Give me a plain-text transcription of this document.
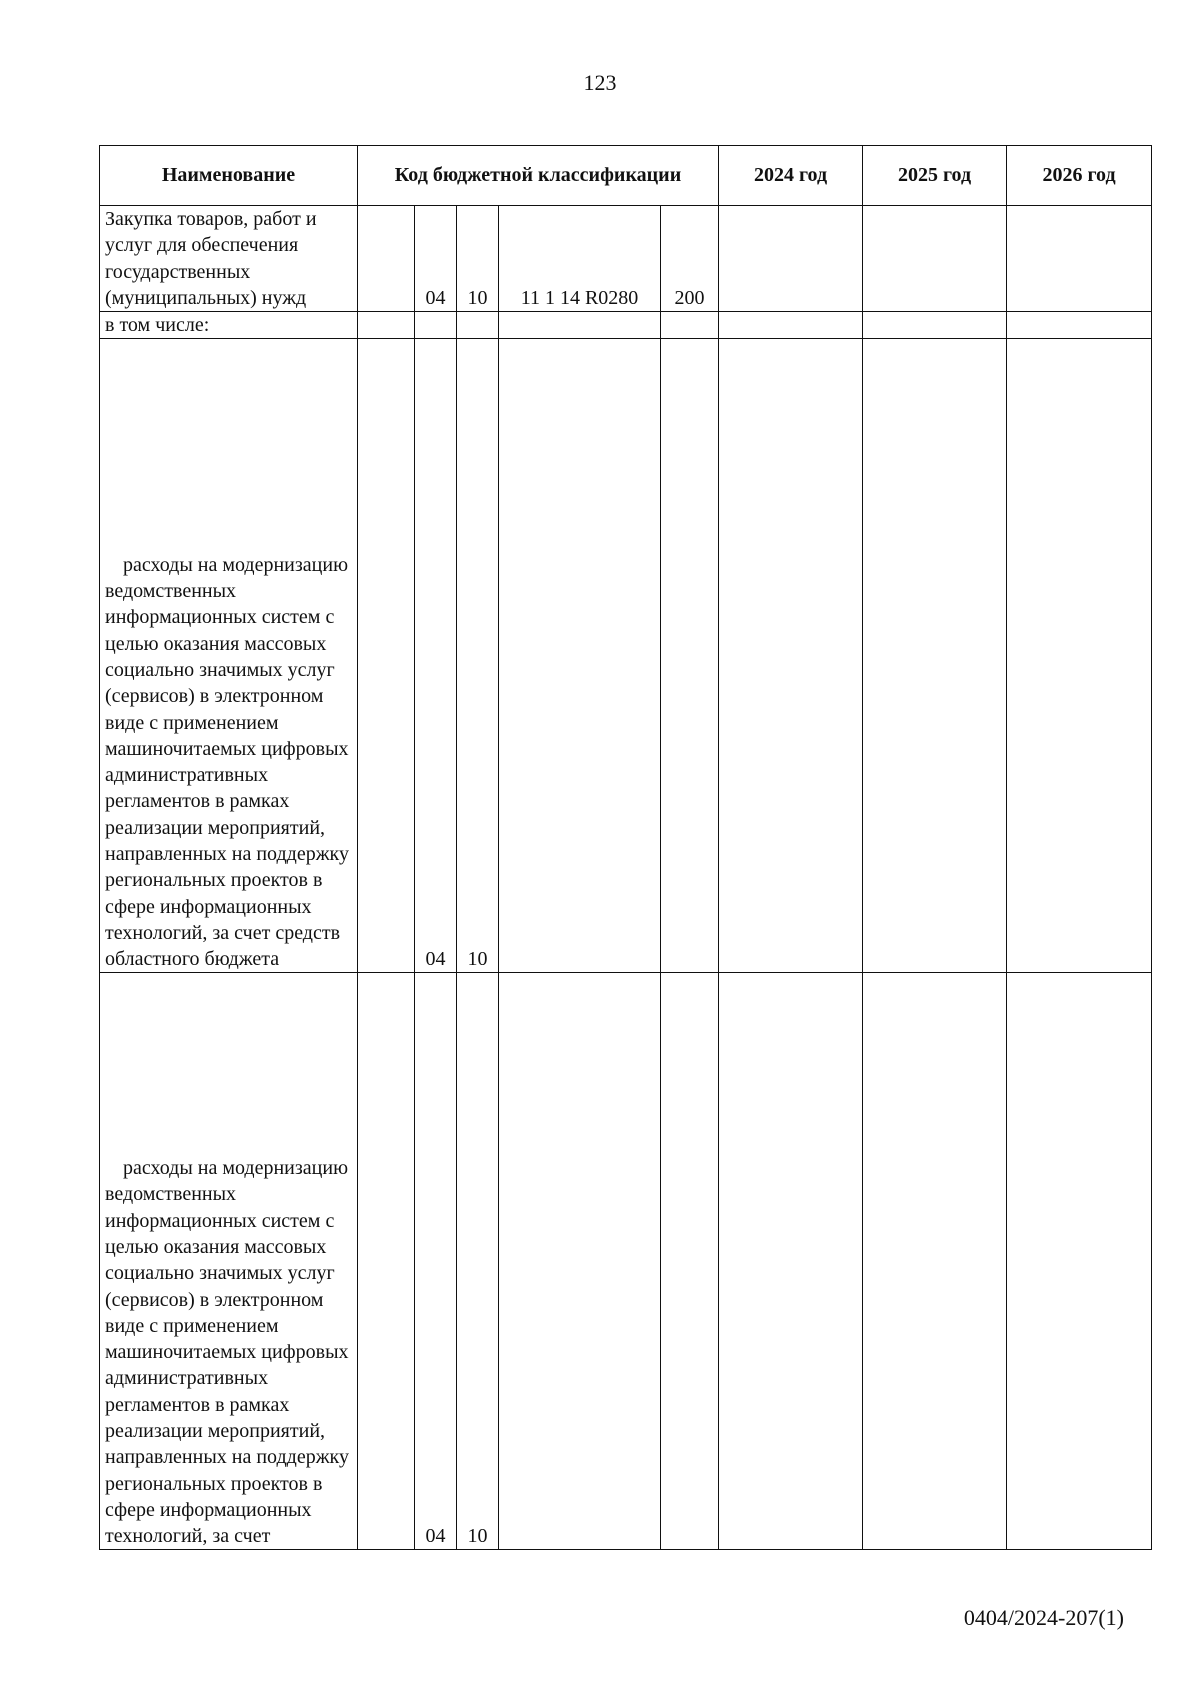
123
Наименование	Код бюджетной классификации					2024 год	2025 год	2026 год
Закупка товаров, работ и услуг для обеспечения государственных (муниципальных) нужд		04	10	11 1 14 R0280	200			
в том числе:								

расходы на модернизацию ведомственных информационных систем с целью оказания массовых социально значимых услуг (сервисов) в электронном виде с применением машиночитаемых цифровых административных регламентов в рамках реализации мероприятий, направленных на поддержку региональных проектов в сфере информационных технологий, за счет средств областного бюджета		04	10					

расходы на модернизацию ведомственных информационных систем с целью оказания массовых социально значимых услуг (сервисов) в электронном виде с применением машиночитаемых цифровых административных регламентов в рамках реализации мероприятий, направленных на поддержку региональных проектов в сфере информационных технологий, за счет		04	10					
0404/2024-207(1)
